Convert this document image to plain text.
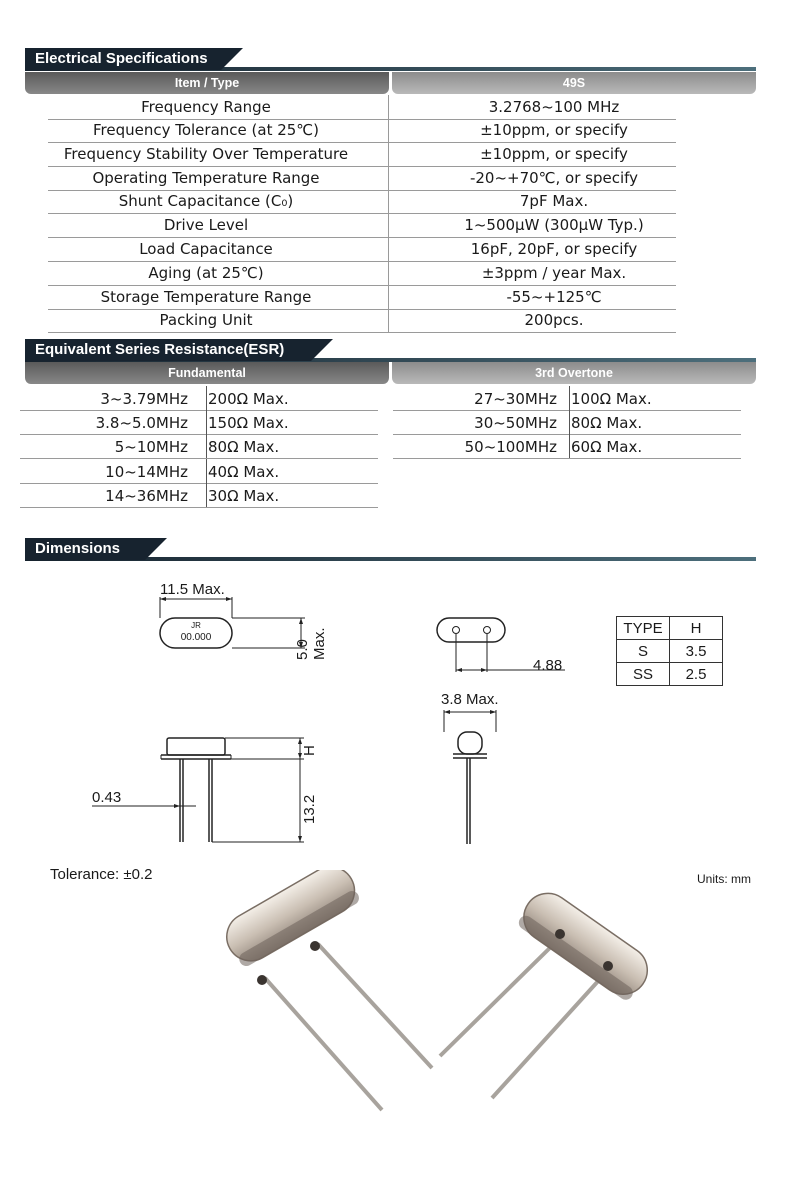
Electrical Specifications
Item / Type	49S
Frequency Range	3.2768~100 MHz
Frequency Tolerance (at 25℃)	±10ppm, or specify
Frequency Stability Over Temperature	±10ppm, or specify
Operating Temperature Range	-20~+70℃, or specify
Shunt Capacitance (C₀)	7pF Max.
Drive Level	1~500μW (300μW Typ.)
Load Capacitance	16pF, 20pF, or specify
Aging (at 25℃)	±3ppm / year Max.
Storage Temperature Range	-55~+125℃
Packing Unit	200pcs.
Equivalent Series Resistance(ESR)
Fundamental	3rd Overtone
3~3.79MHz 200Ω Max.
3.8~5.0MHz 150Ω Max.
5~10MHz 80Ω Max.
10~14MHz 40Ω Max.
14~36MHz 30Ω Max.
27~30MHz 100Ω Max.
30~50MHz 80Ω Max.
50~100MHz 60Ω Max.
Dimensions
11.5 Max.
5.0 Max.
JR
00.000
4.88
3.8 Max.
H
13.2
0.43
TYPE	H
S	3.5
SS	2.5
Tolerance: ±0.2	Units: mm
